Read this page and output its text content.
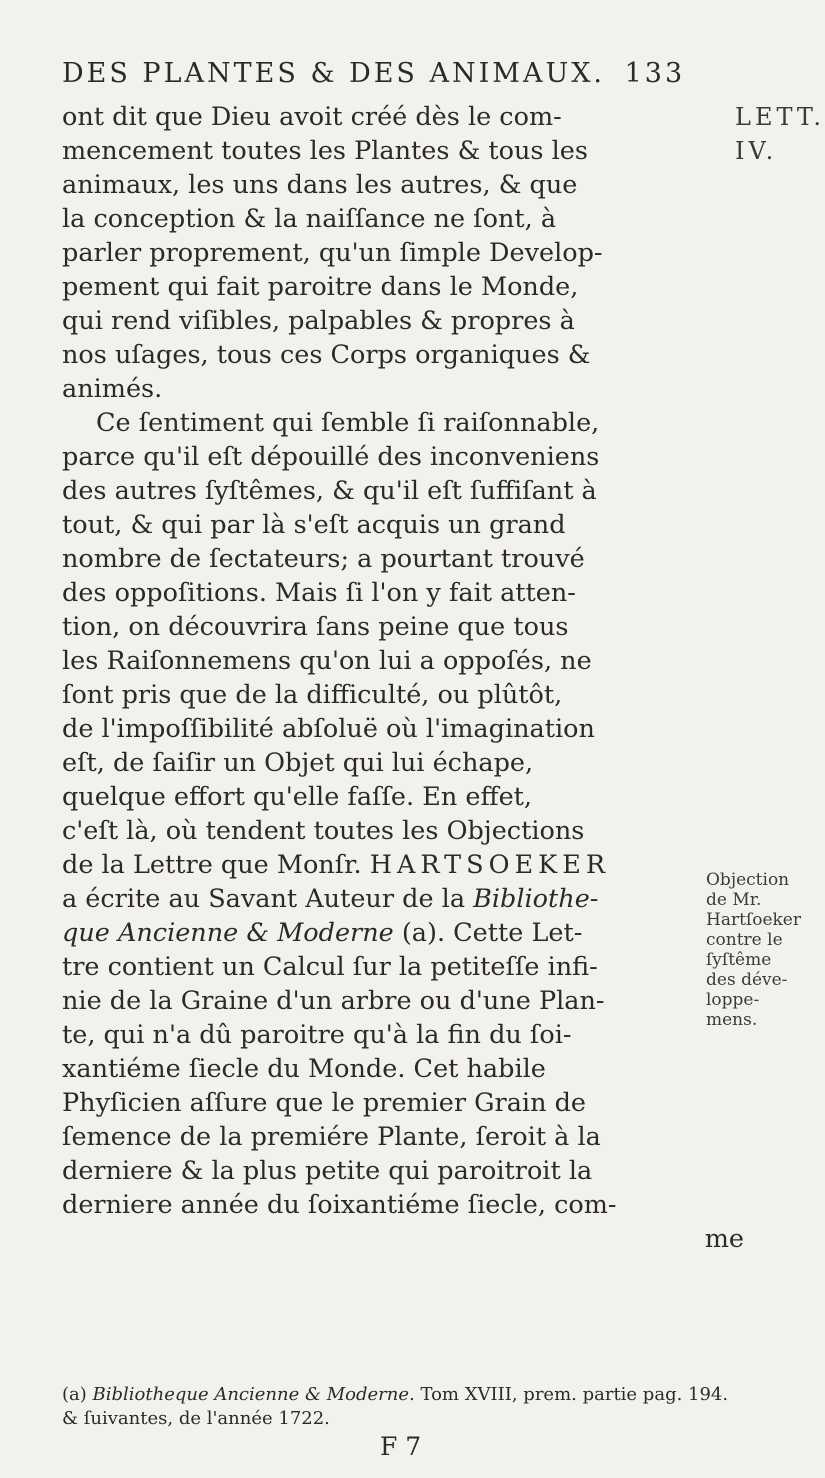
DES PLANTES & DES ANIMAUX. 133
LETT.
IV.
ont dit que Dieu avoit créé dès le com-
mencement toutes les Plantes & tous les
animaux, les uns dans les autres, & que
la conception & la naiſſance ne ſont, à
parler proprement, qu'un ſimple Develop-
pement qui fait paroitre dans le Monde,
qui rend viſibles, palpables & propres à
nos uſages, tous ces Corps organiques &
animés.
Ce ſentiment qui ſemble ſi raiſonnable,
parce qu'il eſt dépouillé des inconveniens
des autres ſyſtêmes, & qu'il eſt ſuffiſant à
tout, & qui par là s'eſt acquis un grand
nombre de ſectateurs; a pourtant trouvé
des oppoſitions. Mais ſi l'on y fait atten-
tion, on découvrira ſans peine que tous
les Raiſonnemens qu'on lui a oppoſés, ne
ſont pris que de la difficulté, ou plûtôt,
de l'impoſſibilité abſoluë où l'imagination
eſt, de ſaiſir un Objet qui lui échape,
quelque effort qu'elle faſſe. En effet,
c'eſt là, où tendent toutes les Objections
de la Lettre que Monſr. HARTSOEKER
a écrite au Savant Auteur de la Bibliothe-
que Ancienne & Moderne (a). Cette Let-
tre contient un Calcul ſur la petiteſſe infi-
nie de la Graine d'un arbre ou d'une Plan-
te, qui n'a dû paroitre qu'à la fin du ſoi-
xantiéme ſiecle du Monde. Cet habile
Phyſicien aſſure que le premier Grain de
ſemence de la premiére Plante, ſeroit à la
derniere & la plus petite qui paroitroit la
derniere année du ſoixantiéme ſiecle, com-
me
Objection
de Mr.
Hartſoeker
contre le
ſyſtême
des déve-
loppe-
mens.
(a) Bibliotheque Ancienne & Moderne. Tom XVIII, prem. partie pag. 194. & ſuivantes, de l'année 1722.
F 7
